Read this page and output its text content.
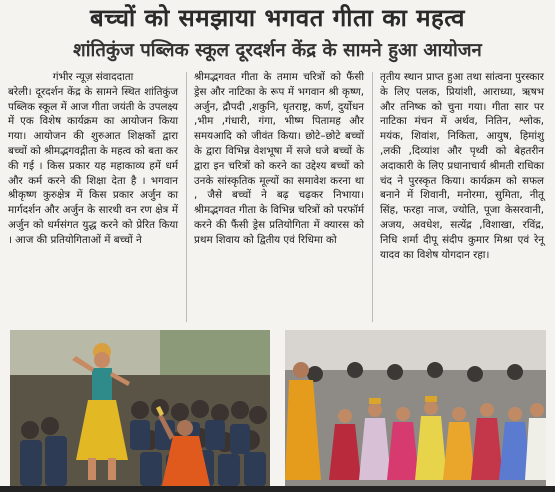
बच्चों को समझाया भगवत गीता का महत्व
शांतिकुंज पब्लिक स्कूल दूरदर्शन केंद्र के सामने हुआ आयोजन

गंभीर न्यूज़ संवाददाता

बरेली। दूरदर्शन केंद्र के सामने स्थित शांतिकुंज पब्लिक स्कूल में आज गीता जयंती के उपलक्ष्य में एक विशेष कार्यक्रम का आयोजन किया गया। आयोजन की शुरुआत शिक्षकों द्वारा बच्चों को श्रीमद्भगवद्गीता के महत्व को बता कर की गई । किस प्रकार यह महाकाव्य हमें धर्म और कर्म करने की शिक्षा देता है । भगवान श्रीकृष्ण कुरुक्षेत्र में किस प्रकार अर्जुन का मार्गदर्शन और अर्जुन के सारथी वन रण क्षेत्र में अर्जुन को धर्मसंगत युद्ध करने को प्रेरित किया । आज की प्रतियोगिताओं में बच्चों ने

श्रीमद्भगवत गीता के तमाम चरित्रों को फैंसी ड्रेस और नाटिका के रूप में भगवान श्री कृष्ण, अर्जुन, द्रौपदी ,शकुनि, धृतराष्ट्र, कर्ण, दुर्योधन ,भीम ,गंधारी, गंगा, भीष्म पितामह और समयआदि को जीवंत किया। छोटे–छोटे बच्चों के द्वारा विभिन्न वेशभूषा में सजे धजे बच्चों के द्वारा इन चरित्रों को करने का उद्देश्य बच्चों को उनके सांस्कृतिक मूल्यों का समावेश करना था , जैसे बच्चों ने बढ़ चढ़कर निभाया। श्रीमद्भगवत गीता के विभिन्न चरित्रों को परफॉर्म करने की फैंसी ड्रेस प्रतियोगिता में क्यारस को प्रथम शिवाय को द्वितीय एवं रिधिमा को

तृतीय स्थान प्राप्त हुआ तथा सांत्वना पुरस्कार के लिए पलक, प्रियांशी, आराध्या, ऋषभ और तनिष्क को चुना गया। गीता सार पर नाटिका मंचन में अर्थव, नितिन, श्लोक, मयंक, शिवांश, निकिता, आयुष, हिमांशु ,लकी ,दिव्यांश और पृथ्वी को बेहतरीन अदाकारी के लिए प्रधानाचार्य श्रीमती राधिका चंद ने पुरस्कृत किया। कार्यक्रम को सफल बनाने में शिवानी, मनोरमा, सुमिता, नीतू सिंह, फरहा नाज, ज्योति, पूजा केसरवानी, अजय, अवधेश, सत्येंद्र ,विशाखा, रविंद्र, निधि शर्मा दीपू संदीप कुमार मिश्रा एवं रेनू यादव का विशेष योगदान रहा।
